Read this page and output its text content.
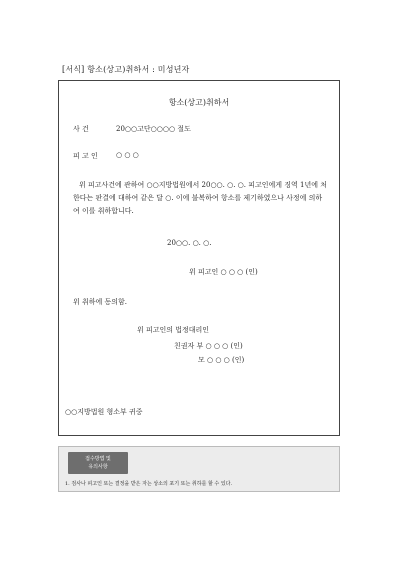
[서식] 항소(상고)취하서 : 미성년자
항소(상고)취하서
사 건	20○○고단○○○○ 절도
피 고 인	○ ○ ○
위 피고사건에 관하여 ○○지방법원에서 20○○. ○. ○. 피고인에게 징역 1년에 처한다는 판결에 대하여 같은 달 ○. 이에 불복하여 항소를 제기하였으나 사정에 의하여 이를 취하합니다.
20○○. ○. ○.
위 피고인 ○ ○ ○ (인)
위 취하에 동의함.
위 피고인의 법정대리인
친권자 부 ○ ○ ○ (인)
모 ○ ○ ○ (인)
○○지방법원 형소부 귀중
접수방법 및
유의사항
1. 검사나 피고인 또는 결정을 받은 자는 상소의 포기 또는 취하를 할 수 있다.
